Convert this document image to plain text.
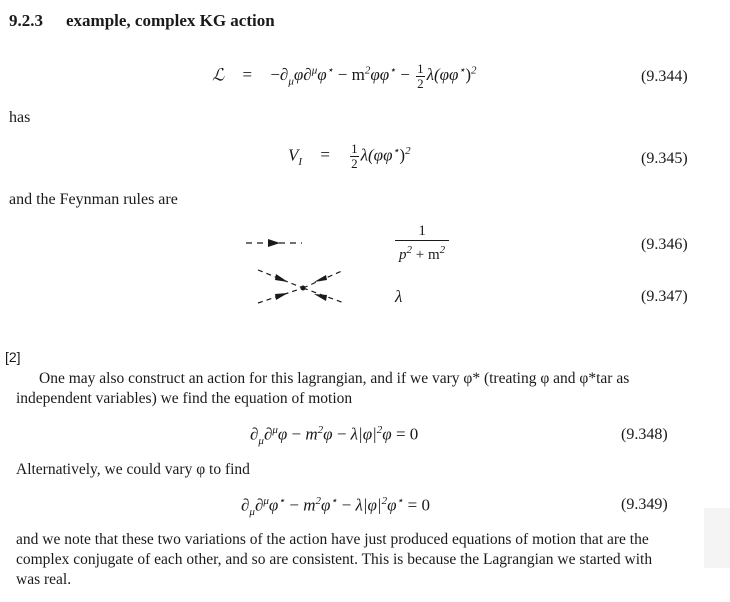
9.2.3 example, complex KG action
ℒ = $-\partial_\mu\varphi\partial^\mu\varphi^⋆ - m^2\varphi\varphi^⋆ - \frac{1}{2} \lambda(\varphi\varphi^⋆)^2$	(9.344)
has
$V_I = \frac{1}{2} \lambda(\varphi\varphi^⋆)^2$	(9.345)
and the Feynman rules are
$\frac{1}{p^2 + m^2}$	(9.346)
λ	(9.347)
[2]
One may also construct an action for this lagrangian, and if we vary φ* (treating φ and φ*tar as independent variables) we find the equation of motion
$\partial_\mu\partial^\mu\varphi - m^2\varphi - \lambda|\varphi|^2\varphi = 0$	(9.348)
Alternatively, we could vary φ to find
$\partial_\mu\partial^\mu\varphi^⋆ - m^2\varphi^⋆ - \lambda|\varphi|^2\varphi^⋆ = 0$	(9.349)
and we note that these two variations of the action have just produced equations of motion that are the complex conjugate of each other, and so are consistent. This is because the Lagrangian we started with was real.
